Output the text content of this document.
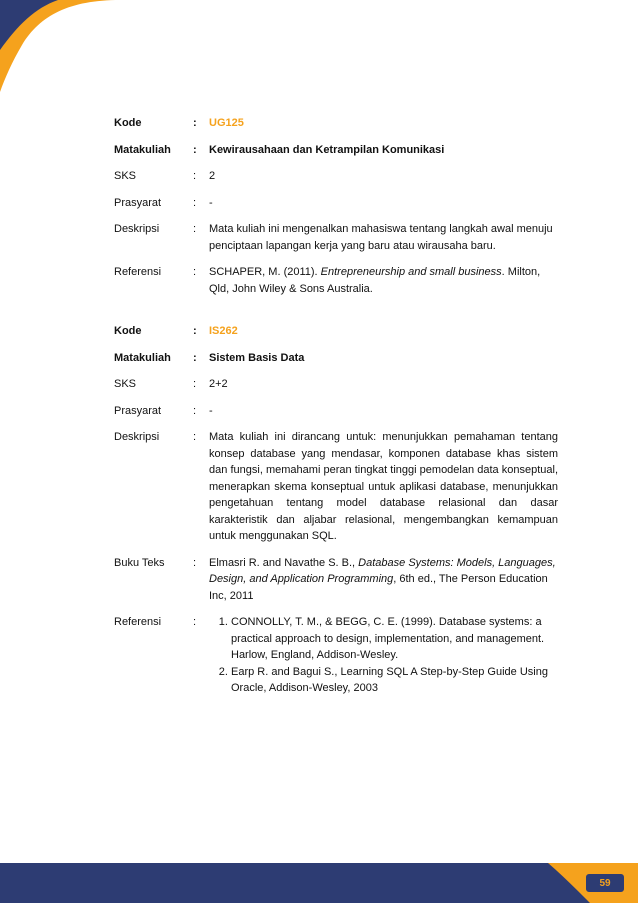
Kode	:	UG125
Matakuliah	:	Kewirausahaan dan Ketrampilan Komunikasi
SKS	:	2
Prasyarat	:	-
Deskripsi	:	Mata kuliah ini mengenalkan mahasiswa tentang langkah awal menuju penciptaan lapangan kerja yang baru atau wirausaha baru.
Referensi	:	SCHAPER, M. (2011). Entrepreneurship and small business. Milton, Qld, John Wiley & Sons Australia.
Kode	:	IS262
Matakuliah	:	Sistem Basis Data
SKS	:	2+2
Prasyarat	:	-
Deskripsi	:	Mata kuliah ini dirancang untuk: menunjukkan pemahaman tentang konsep database yang mendasar, komponen database khas sistem dan fungsi, memahami peran tingkat tinggi pemodelan data konseptual, menerapkan skema konseptual untuk aplikasi database, menunjukkan pengetahuan tentang model database relasional dan dasar karakteristik dan aljabar relasional, mengembangkan kemampuan untuk menggunakan SQL.
Buku Teks	:	Elmasri R. and Navathe S. B., Database Systems: Models, Languages, Design, and Application Programming, 6th ed., The Person Education Inc, 2011
Referensi	:
1.	CONNOLLY, T. M., & BEGG, C. E. (1999). Database systems: a practical approach to design, implementation, and management. Harlow, England, Addison-Wesley.
2. Earp R. and Bagui S., Learning SQL A Step-by-Step Guide Using Oracle, Addison-Wesley, 2003
59
